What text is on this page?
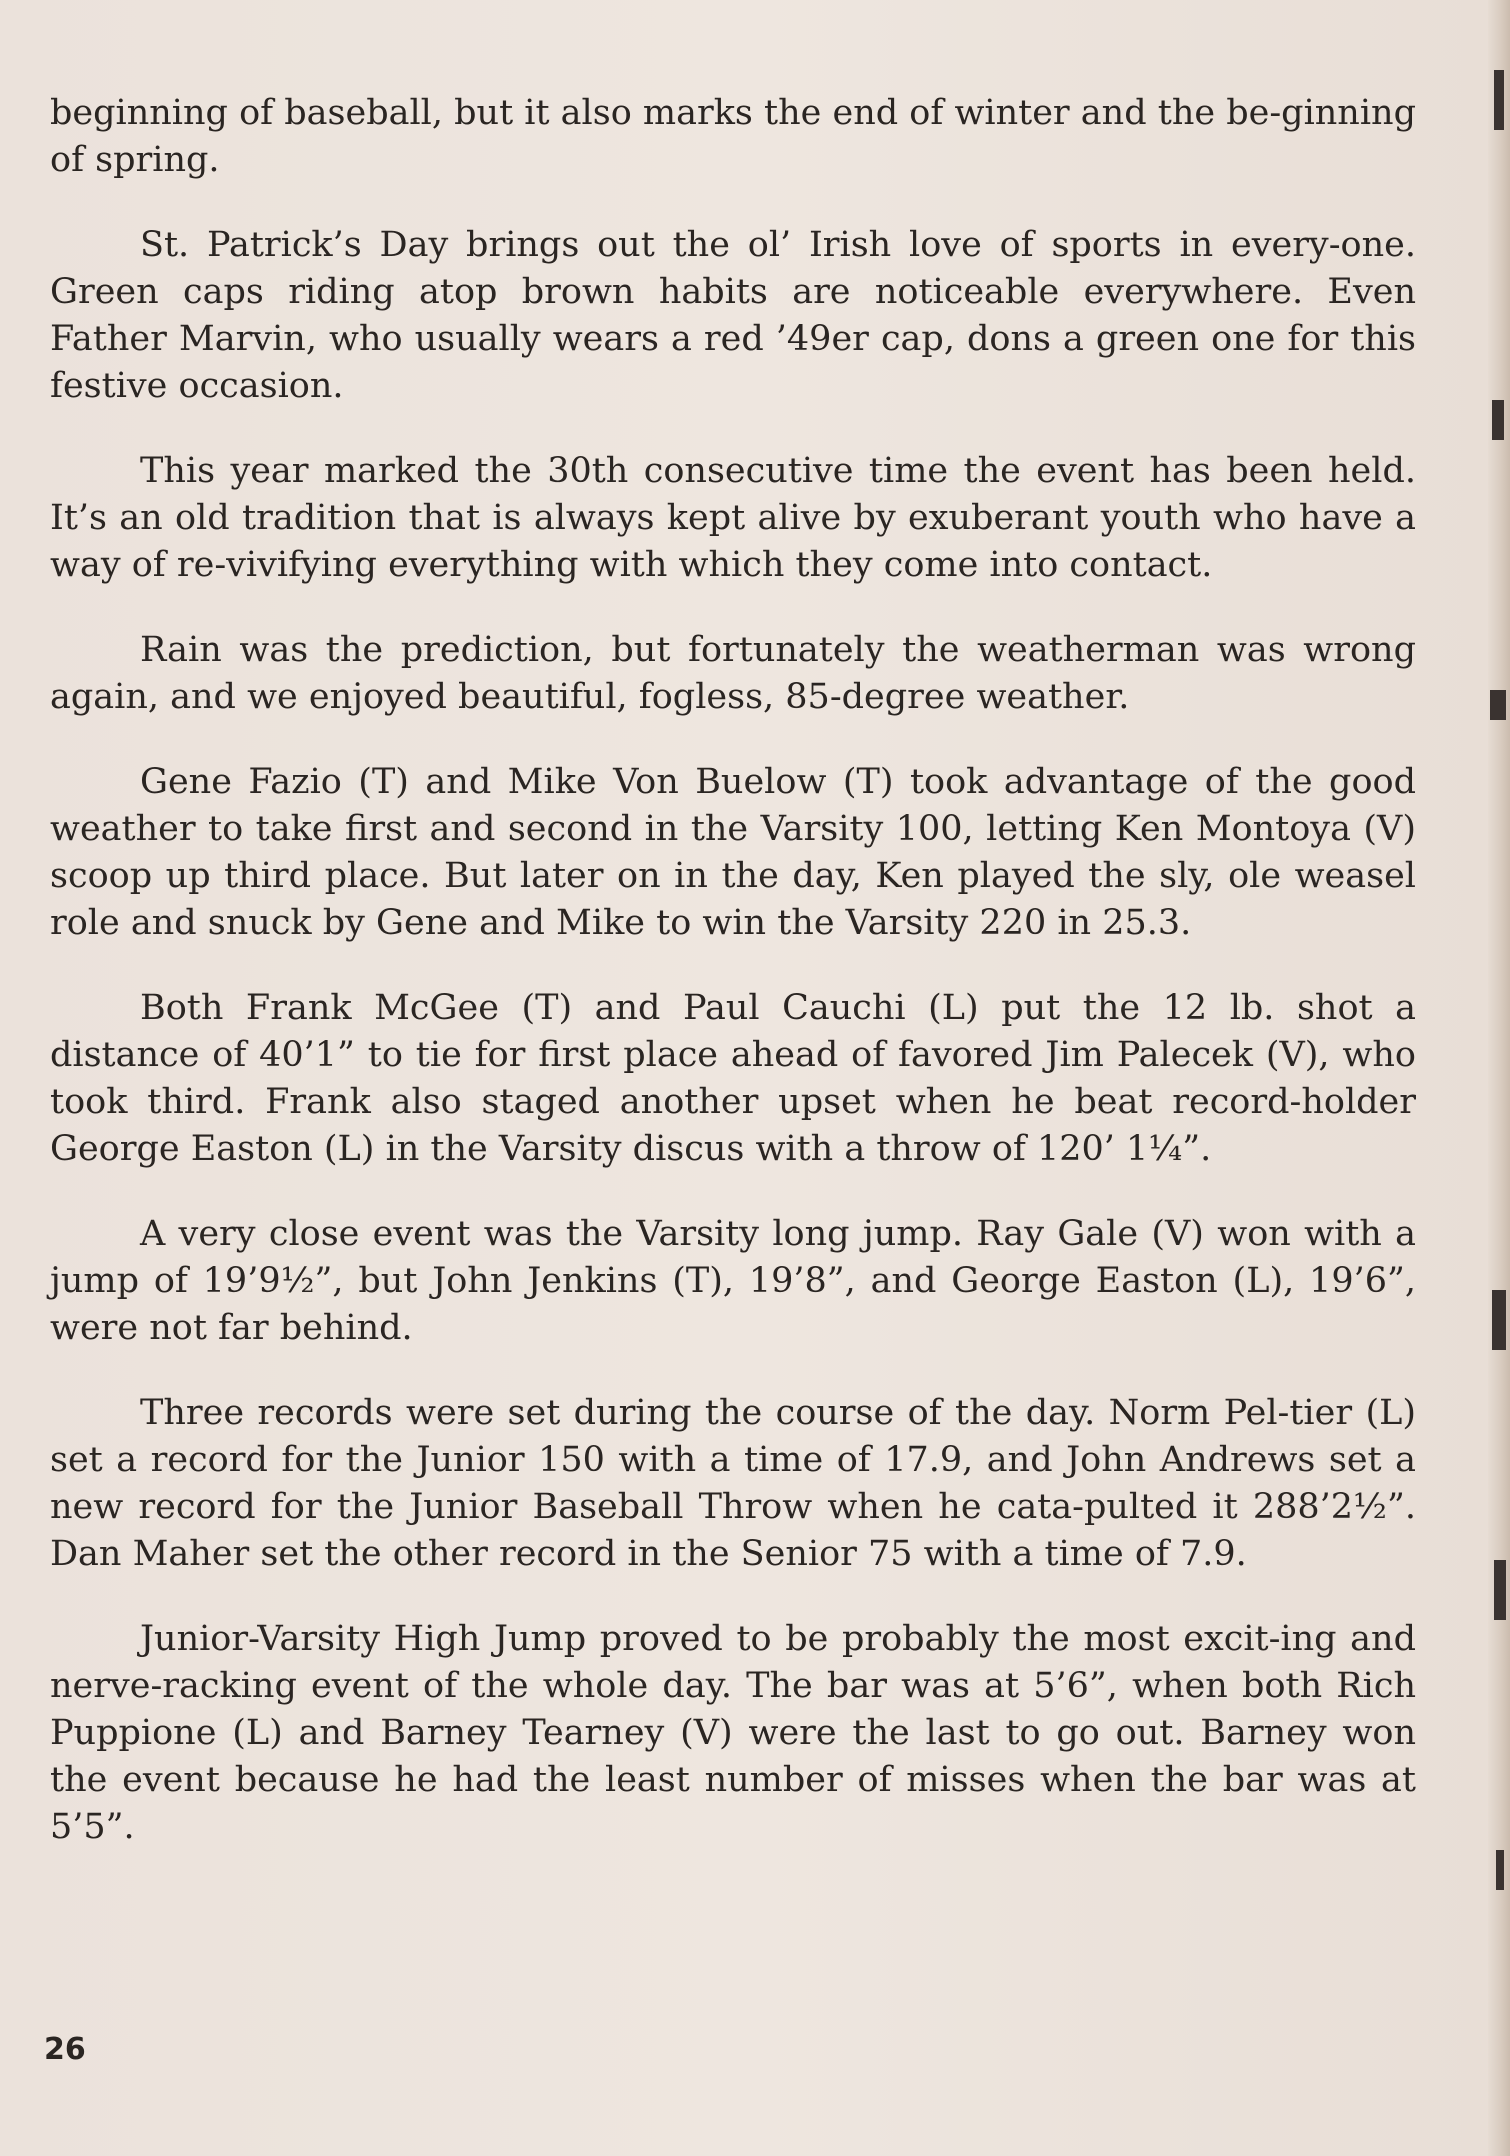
beginning of baseball, but it also marks the end of winter and the be-ginning of spring.

St. Patrick’s Day brings out the ol’ Irish love of sports in every-one. Green caps riding atop brown habits are noticeable everywhere. Even Father Marvin, who usually wears a red ’49er cap, dons a green one for this festive occasion.

This year marked the 30th consecutive time the event has been held. It’s an old tradition that is always kept alive by exuberant youth who have a way of re-vivifying everything with which they come into contact.

Rain was the prediction, but fortunately the weatherman was wrong again, and we enjoyed beautiful, fogless, 85-degree weather.

Gene Fazio (T) and Mike Von Buelow (T) took advantage of the good weather to take first and second in the Varsity 100, letting Ken Montoya (V) scoop up third place. But later on in the day, Ken played the sly, ole weasel role and snuck by Gene and Mike to win the Varsity 220 in 25.3.

Both Frank McGee (T) and Paul Cauchi (L) put the 12 lb. shot a distance of 40’1” to tie for first place ahead of favored Jim Palecek (V), who took third. Frank also staged another upset when he beat record-holder George Easton (L) in the Varsity discus with a throw of 120’ 1¼”.

A very close event was the Varsity long jump. Ray Gale (V) won with a jump of 19’9½”, but John Jenkins (T), 19’8”, and George Easton (L), 19’6”, were not far behind.

Three records were set during the course of the day. Norm Pel-tier (L) set a record for the Junior 150 with a time of 17.9, and John Andrews set a new record for the Junior Baseball Throw when he cata-pulted it 288’2½”. Dan Maher set the other record in the Senior 75 with a time of 7.9.

Junior-Varsity High Jump proved to be probably the most excit-ing and nerve-racking event of the whole day. The bar was at 5’6”, when both Rich Puppione (L) and Barney Tearney (V) were the last to go out. Barney won the event because he had the least number of misses when the bar was at 5’5”.

26
